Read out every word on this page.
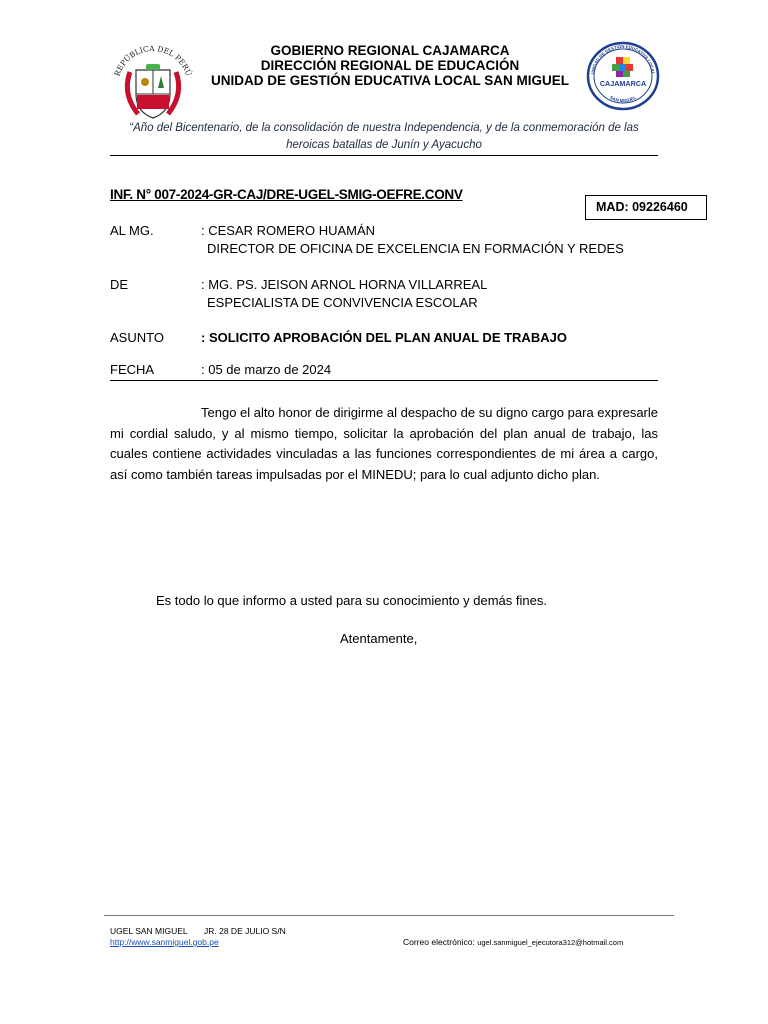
REPÚBLICA DEL PERÚ	UNIDAD DE GESTIÓN EDUCATIVA LOCAL
SAN MIGUEL
CAJAMARCA
GOBIERNO REGIONAL CAJAMARCA
DIRECCIÓN REGIONAL DE EDUCACIÓN
UNIDAD DE GESTIÓN EDUCATIVA LOCAL SAN MIGUEL
“Año del Bicentenario, de la consolidación de nuestra Independencia, y de la conmemoración de las
heroicas batallas de Junín y Ayacucho
INF. N° 007-2024-GR-CAJ/DRE-UGEL-SMIG-OEFRE.CONV
MAD: 09226460
AL MG.	: CESAR ROMERO HUAMÁN
DIRECTOR DE OFICINA DE EXCELENCIA EN FORMACIÓN Y REDES
DE	: MG. PS. JEISON ARNOL HORNA VILLARREAL
ESPECIALISTA DE CONVIVENCIA ESCOLAR
ASUNTO	: SOLICITO APROBACIÓN DEL PLAN ANUAL DE TRABAJO
FECHA	: 05 de marzo de 2024

Tengo el alto honor de dirigirme al despacho de su digno cargo para expresarle mi cordial saludo, y al mismo tiempo, solicitar la aprobación del plan anual de trabajo, las cuales contiene actividades vinculadas a las funciones correspondientes de mi área a cargo, así como también tareas impulsadas por el MINEDU; para lo cual adjunto dicho plan.

Es todo lo que informo a usted para su conocimiento y demás fines.
Atentamente,
UGEL SAN MIGUEL JR. 28 DE JULIO S/N
http://www.sanmiguel.gob.pe	Correo electrónico: ugel.sanmiguel_ejecutora312@hotmail.com
